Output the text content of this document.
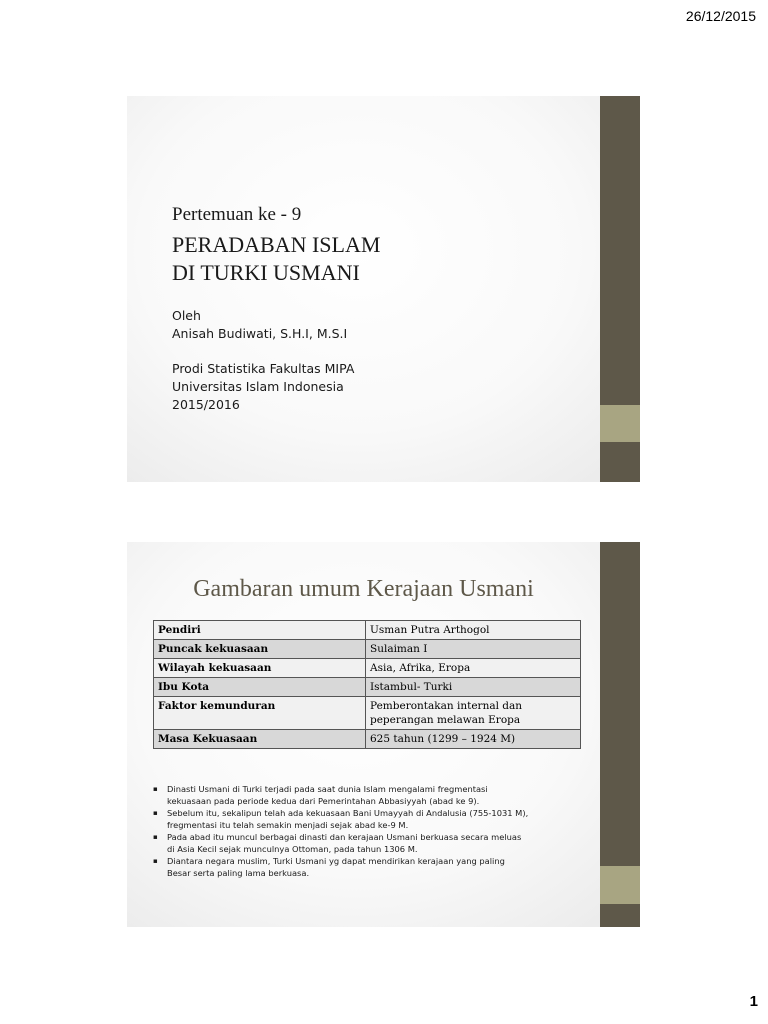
26/12/2015
Pertemuan ke - 9
PERADABAN ISLAM
DI TURKI USMANI
Oleh
Anisah Budiwati, S.H.I, M.S.I
Prodi Statistika Fakultas MIPA
Universitas Islam Indonesia
2015/2016
Gambaran umum Kerajaan Usmani
Pendiri	Usman Putra Arthogol

Puncak kekuasaan	Sulaiman I

Wilayah kekuasaan	Asia, Afrika, Eropa

Ibu Kota	Istambul- Turki

Faktor kemunduran	Pemberontakan internal dan
peperangan melawan Eropa

Masa Kekuasaan	625 tahun (1299 – 1924 M)
▪ Dinasti Usmani di Turki terjadi pada saat dunia Islam mengalami fregmentasi
kekuasaan pada periode kedua dari Pemerintahan Abbasiyyah (abad ke 9).
▪ Sebelum itu, sekalipun telah ada kekuasaan Bani Umayyah di Andalusia (755-1031 M),
fregmentasi itu telah semakin menjadi sejak abad ke-9 M.
▪ Pada abad itu muncul berbagai dinasti dan kerajaan Usmani berkuasa secara meluas
di Asia Kecil sejak munculnya Ottoman, pada tahun 1306 M.
▪ Diantara negara muslim, Turki Usmani yg dapat mendirikan kerajaan yang paling
Besar serta paling lama berkuasa.
1
